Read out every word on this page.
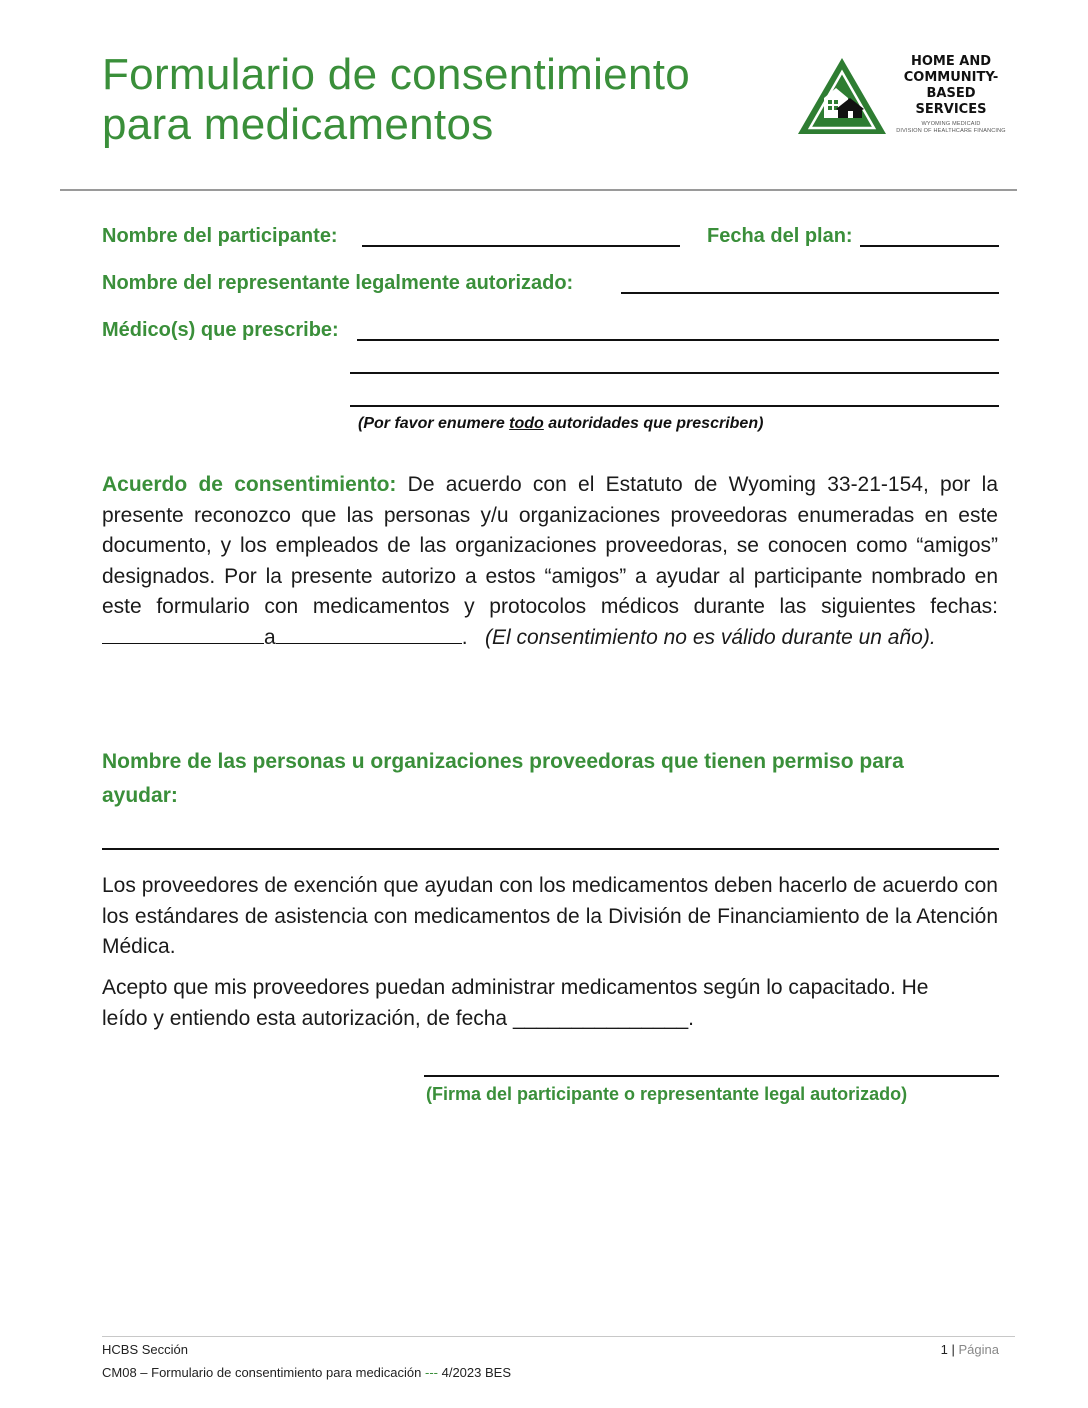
Formulario de consentimiento
para medicamentos
HOME AND
COMMUNITY-
BASED
SERVICES
WYOMING MEDICAID
DIVISION OF HEALTHCARE FINANCING
Nombre del participante:	Fecha del plan:
Nombre del representante legalmente autorizado:
Médico(s) que prescribe:
(Por favor enumere todo autoridades que prescriben)
Acuerdo de consentimiento: De acuerdo con el Estatuto de Wyoming 33-21-154, por la presente reconozco que las personas y/u organizaciones proveedoras enumeradas en este documento, y los empleados de las organizaciones proveedoras, se conocen como “amigos” designados. Por la presente autorizo a estos “amigos” a ayudar al participante nombrado en este formulario con medicamentos y protocolos médicos durante las siguientes fechas:a	. (El consentimiento no es válido durante un año).
Nombre de las personas u organizaciones proveedoras que tienen permiso para
ayudar:
Los proveedores de exención que ayudan con los medicamentos deben hacerlo de acuerdo con los estándares de asistencia con medicamentos de la División de Financiamiento de la Atención Médica.
Acepto que mis proveedores puedan administrar medicamentos según lo capacitado. He
leído y entiendo esta autorización, de fecha _______________.
(Firma del participante o representante legal autorizado)
HCBS Sección	1 | Página
CM08 – Formulario de consentimiento para medicación --- 4/2023 BES
